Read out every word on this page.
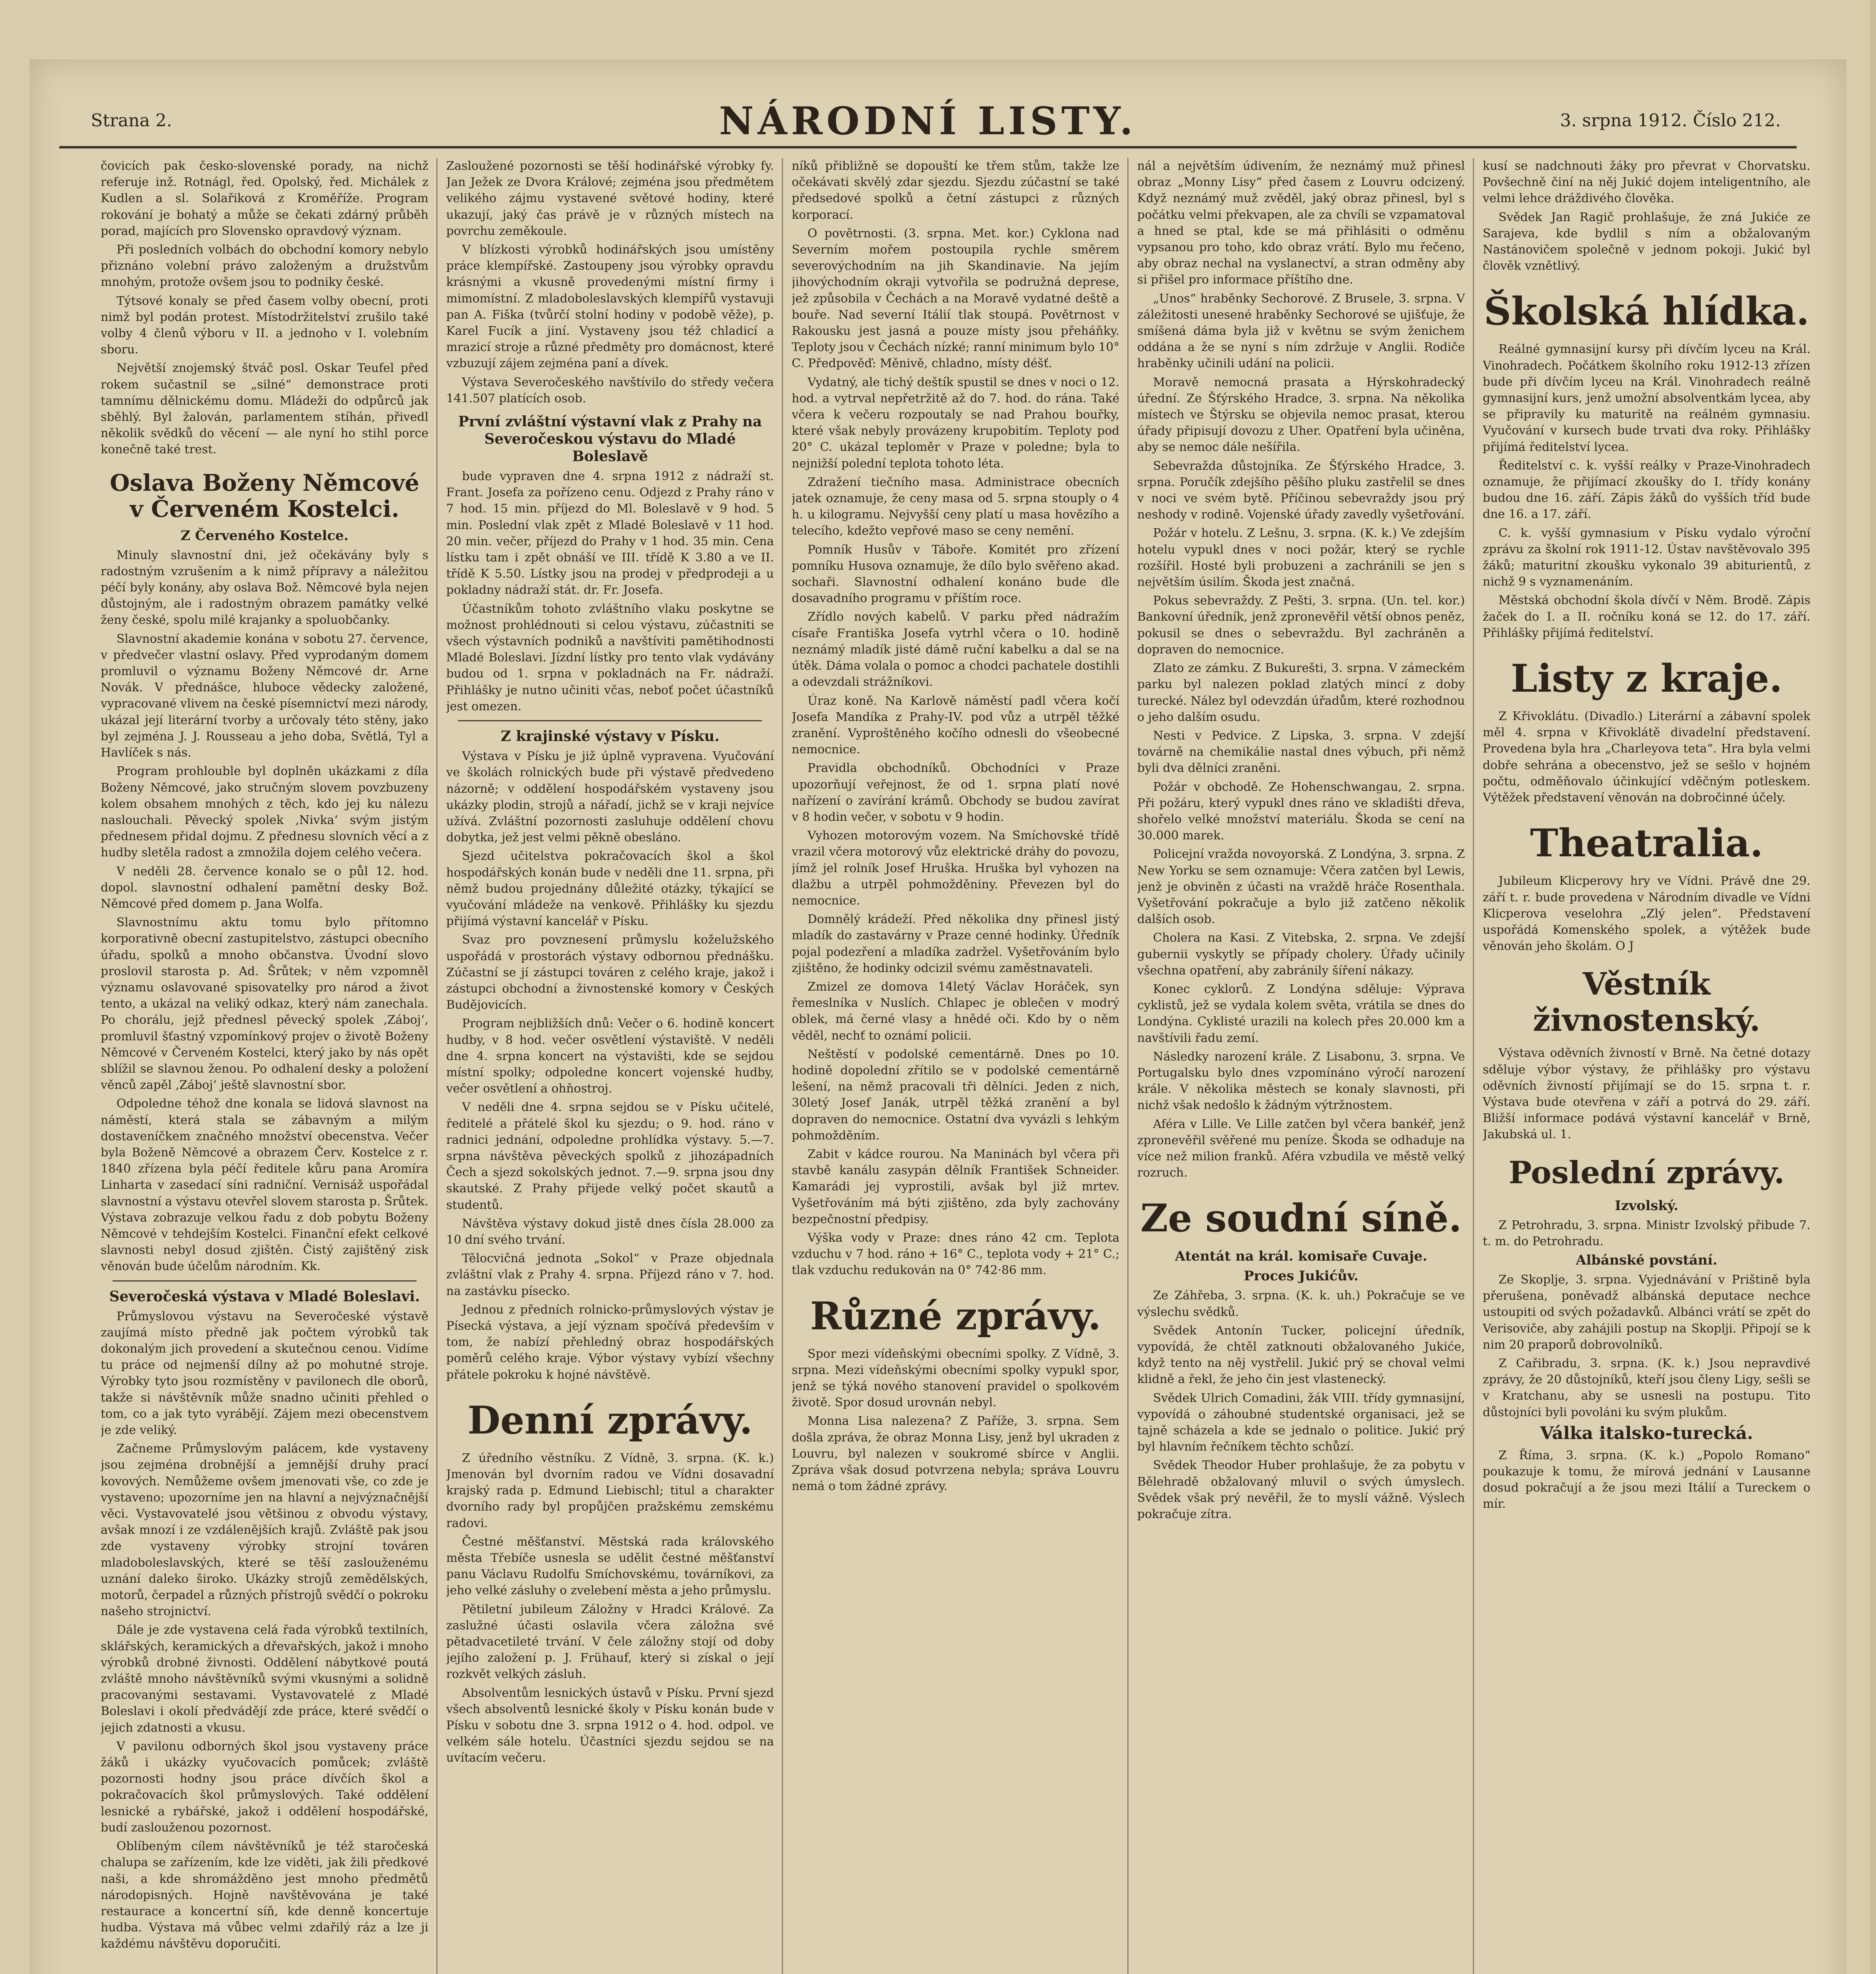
Strana 2.	NÁRODNÍ LISTY.	3. srpna 1912. Číslo 212.

čovicích pak česko-slovenské porady, na nichž referuje inž. Rotnágl, řed. Opolský, řed. Michálek z Kudlen a sl. Solařiková z Kroměříže. Program rokování je bohatý a může se čekati zdárný průběh porad, majících pro Slovensko opravdový význam.

Při posledních volbách do obchodní komory nebylo přiznáno volební právo založeným a družstvům mnohým, protože ovšem jsou to podniky české.

Týtsové konaly se před časem volby obecní, proti nimž byl podán protest. Místodržitelství zrušilo také volby 4 členů výboru v II. a jednoho v I. volebním sboru.

Největší znojemský štváč posl. Oskar Teufel před rokem sučastnil se „silné“ demonstrace proti tamnímu dělnickému domu. Mládeži do odpůrců jak sběhlý. Byl žalován, parlamentem stíhán, přivedl několik svědků do věcení — ale nyní ho stihl porce konečně také trest.

Oslava Boženy Němcové v Červeném Kostelci.
Z Červeného Kostelce.

Minuly slavnostní dni, jež očekávány byly s radostným vzrušením a k nimž přípravy a náležitou péčí byly konány, aby oslava Bož. Němcové byla nejen důstojným, ale i radostným obrazem památky velké ženy české, spolu milé krajanky a spoluobčanky.

Slavnostní akademie konána v sobotu 27. července, v předvečer vlastní oslavy. Před vyprodaným domem promluvil o významu Boženy Němcové dr. Arne Novák. V přednášce, hluboce vědecky založené, vypracované vlivem na české písemnictví mezi národy, ukázal její literární tvorby a určovaly této stěny, jako byl zejména J. J. Rousseau a jeho doba, Světlá, Tyl a Havlíček s nás.

Program prohlouble byl doplněn ukázkami z díla Boženy Němcové, jako stručným slovem povzbuzeny kolem obsahem mnohých z těch, kdo jej ku nálezu naslouchali. Pěvecký spolek ‚Nivka‘ svým jistým přednesem přidal dojmu. Z přednesu slovních věcí a z hudby sletěla radost a zmnožila dojem celého večera.

V neděli 28. července konalo se o půl 12. hod. dopol. slavnostní odhalení pamětní desky Bož. Němcové před domem p. Jana Wolfa.

Slavnostnímu aktu tomu bylo přítomno korporativně obecní zastupitelstvo, zástupci obecního úřadu, spolků a mnoho občanstva. Úvodní slovo proslovil starosta p. Ad. Šrůtek; v něm vzpomněl významu oslavované spisovatelky pro národ a život tento, a ukázal na veliký odkaz, který nám zanechala. Po chorálu, jejž přednesl pěvecký spolek ‚Záboj‘, promluvil šťastný vzpomínkový projev o životě Boženy Němcové v Červeném Kostelci, který jako by nás opět sblížil se slavnou ženou. Po odhalení desky a položení věnců zapěl ‚Záboj‘ ještě slavnostní sbor.

Odpoledne téhož dne konala se lidová slavnost na náměstí, která stala se zábavným a milým dostaveníčkem značného množství obecenstva. Večer byla Boženě Němcové a obrazem Červ. Kostelce z r. 1840 zřízena byla péčí ředitele kůru pana Aromíra Linharta v zasedací síni radniční. Vernisáž uspořádal slavnostní a výstavu otevřel slovem starosta p. Šrůtek. Výstava zobrazuje velkou řadu z dob pobytu Boženy Němcové v tehdejším Kostelci. Finanční efekt celkové slavnosti nebyl dosud zjištěn. Čistý zajištěný zisk věnován bude účelům národním. Kk.

Severočeská výstava v Mladé Boleslavi.

Průmyslovou výstavu na Severočeské výstavě zaujímá místo předně jak počtem výrobků tak dokonalým jich provedení a skutečnou cenou. Vidíme tu práce od nejmenší dílny až po mohutné stroje. Výrobky tyto jsou rozmístěny v pavilonech dle oborů, takže si návštěvník může snadno učiniti přehled o tom, co a jak tyto vyrábějí. Zájem mezi obecenstvem je zde veliký.

Začneme Průmyslovým palácem, kde vystaveny jsou zejména drobnější a jemnější druhy prací kovových. Nemůžeme ovšem jmenovati vše, co zde je vystaveno; upozorníme jen na hlavní a nejvýznačnější věci. Vystavovatelé jsou většinou z obvodu výstavy, avšak mnozí i ze vzdálenějších krajů. Zvláště pak jsou zde vystaveny výrobky strojní továren mladoboleslavských, které se těší zaslouženému uznání daleko široko. Ukázky strojů zemědělských, motorů, čerpadel a různých přístrojů svědčí o pokroku našeho strojnictví.

Dále je zde vystavena celá řada výrobků textilních, sklářských, keramických a dřevařských, jakož i mnoho výrobků drobné živnosti. Oddělení nábytkové poutá zvláště mnoho návštěvníků svými vkusnými a solidně pracovanými sestavami. Vystavovatelé z Mladé Boleslavi i okolí předvádějí zde práce, které svědčí o jejich zdatnosti a vkusu.

V pavilonu odborných škol jsou vystaveny práce žáků i ukázky vyučovacích pomůcek; zvláště pozornosti hodny jsou práce dívčích škol a pokračovacích škol průmyslových. Také oddělení lesnické a rybářské, jakož i oddělení hospodářské, budí zaslouženou pozornost.

Oblíbeným cílem návštěvníků je též staročeská chalupa se zařízením, kde lze viděti, jak žili předkové naši, a kde shromážděno jest mnoho předmětů národopisných. Hojně navštěvována je také restaurace a koncertní síň, kde denně koncertuje hudba. Výstava má vůbec velmi zdařilý ráz a lze ji každému návštěvu doporučiti.

Zasloužené pozornosti se těší hodinářské výrobky fy. Jan Ježek ze Dvora Králové; zejména jsou předmětem velikého zájmu vystavené světové hodiny, které ukazují, jaký čas právě je v různých místech na povrchu zeměkoule.

V blízkosti výrobků hodinářských jsou umístěny práce klempířské. Zastoupeny jsou výrobky opravdu krásnými a vkusně provedenými místní firmy i mimomístní. Z mladoboleslavských klempířů vystavuji pan A. Fiška (tvůrčí stolní hodiny v podobě věže), p. Karel Fucík a jiní. Vystaveny jsou též chladicí a mrazicí stroje a různé předměty pro domácnost, které vzbuzují zájem zejména paní a dívek.

Výstava Severočeského navštívilo do středy večera 141.507 platících osob.

První zvláštní výstavní vlak z Prahy na Severočeskou výstavu do Mladé Boleslavě

bude vypraven dne 4. srpna 1912 z nádraží st. Frant. Josefa za pořízeno cenu. Odjezd z Prahy ráno v 7 hod. 15 min. příjezd do Ml. Boleslavě v 9 hod. 5 min. Poslední vlak zpět z Mladé Boleslavě v 11 hod. 20 min. večer, příjezd do Prahy v 1 hod. 35 min. Cena lístku tam i zpět obnáší ve III. třídě K 3.80 a ve II. třídě K 5.50. Lístky jsou na prodej v předprodeji a u pokladny nádraží stát. dr. Fr. Josefa.

Účastníkům tohoto zvláštního vlaku poskytne se možnost prohlédnouti si celou výstavu, zúčastniti se všech výstavních podniků a navštíviti pamětihodnosti Mladé Boleslavi. Jízdní lístky pro tento vlak vydávány budou od 1. srpna v pokladnách na Fr. nádraží. Přihlášky je nutno učiniti včas, neboť počet účastníků jest omezen.

Z krajinské výstavy v Písku.

Výstava v Písku je již úplně vypravena. Vyučování ve školách rolnických bude při výstavě předvedeno názorně; v oddělení hospodářském vystaveny jsou ukázky plodin, strojů a nářadí, jichž se v kraji nejvíce užívá. Zvláštní pozornosti zasluhuje oddělení chovu dobytka, jež jest velmi pěkně obesláno.

Sjezd učitelstva pokračovacích škol a škol hospodářských konán bude v neděli dne 11. srpna, při němž budou projednány důležité otázky, týkající se vyučování mládeže na venkově. Přihlášky ku sjezdu přijímá výstavní kancelář v Písku.

Svaz pro povznesení průmyslu koželužského uspořádá v prostorách výstavy odbornou přednášku. Zúčastní se jí zástupci továren z celého kraje, jakož i zástupci obchodní a živnostenské komory v Českých Budějovicích.

Program nejbližších dnů: Večer o 6. hodině koncert hudby, v 8 hod. večer osvětlení výstaviště. V neděli dne 4. srpna koncert na výstavišti, kde se sejdou místní spolky; odpoledne koncert vojenské hudby, večer osvětlení a ohňostroj.

V neděli dne 4. srpna sejdou se v Písku učitelé, ředitelé a přátelé škol ku sjezdu; o 9. hod. ráno v radnici jednání, odpoledne prohlídka výstavy. 5.—7. srpna návštěva pěveckých spolků z jihozápadních Čech a sjezd sokolských jednot. 7.—9. srpna jsou dny skautské. Z Prahy přijede velký počet skautů a studentů.

Návštěva výstavy dokud jistě dnes čísla 28.000 za 10 dní svého trvání.

Tělocvičná jednota „Sokol“ v Praze objednala zvláštní vlak z Prahy 4. srpna. Příjezd ráno v 7. hod. na zastávku písecko.

Jednou z předních rolnicko-průmyslových výstav je Písecká výstava, a její význam spočívá především v tom, že nabízí přehledný obraz hospodářských poměrů celého kraje. Výbor výstavy vybízí všechny přátele pokroku k hojné návštěvě.

Denní zprávy.

Z úředního věstníku. Z Vídně, 3. srpna. (K. k.) Jmenován byl dvorním radou ve Vídni dosavadní krajský rada p. Edmund Liebischl; titul a charakter dvorního rady byl propůjčen pražskému zemskému radovi.

Čestné měšťanství. Městská rada královského města Třebíče usnesla se udělit čestné měšťanství panu Václavu Rudolfu Smíchovskému, továrníkovi, za jeho velké zásluhy o zvelebení města a jeho průmyslu.

Pětiletní jubileum Záložny v Hradci Králové. Za zaslužné účasti oslavila včera záložna své pětadvacetileté trvání. V čele záložny stojí od doby jejího založení p. J. Frühauf, který si získal o její rozkvět velkých zásluh.

Absolventům lesnických ústavů v Písku. První sjezd všech absolventů lesnické školy v Písku konán bude v Písku v sobotu dne 3. srpna 1912 o 4. hod. odpol. ve velkém sále hotelu. Účastníci sjezdu sejdou se na uvítacím večeru.

níků přibližně se dopouští ke třem stům, takže lze očekávati skvělý zdar sjezdu. Sjezdu zúčastní se také předsedové spolků a četní zástupci z různých korporací.

O povětrnosti. (3. srpna. Met. kor.) Cyklona nad Severním mořem postoupila rychle směrem severovýchodním na jih Skandinavie. Na jejím jihovýchodním okraji vytvořila se podružná deprese, jež způsobila v Čechách a na Moravě vydatné deště a bouře. Nad severní Itálií tlak stoupá. Povětrnost v Rakousku jest jasná a pouze místy jsou přeháňky. Teploty jsou v Čechách nízké; ranní minimum bylo 10° C. Předpověď: Měnivě, chladno, místy déšť.

Vydatný, ale tichý deštík spustil se dnes v noci o 12. hod. a vytrval nepřetržitě až do 7. hod. do rána. Také včera k večeru rozpoutaly se nad Prahou bouřky, které však nebyly provázeny krupobitím. Teploty pod 20° C. ukázal teploměr v Praze v poledne; byla to nejnižší polední teplota tohoto léta.

Zdražení tiečního masa. Administrace obecních jatek oznamuje, že ceny masa od 5. srpna stouply o 4 h. u kilogramu. Nejvyšší ceny platí u masa hovězího a telecího, kdežto vepřové maso se ceny nemění.

Pomník Husův v Táboře. Komitét pro zřízení pomníku Husova oznamuje, že dílo bylo svěřeno akad. sochaři. Slavnostní odhalení konáno bude dle dosavadního programu v příštím roce.

Zřídlo nových kabelů. V parku před nádražím císaře Františka Josefa vytrhl včera o 10. hodině neznámý mladík jisté dámě ruční kabelku a dal se na útěk. Dáma volala o pomoc a chodci pachatele dostihli a odevzdali strážníkovi.

Úraz koně. Na Karlově náměstí padl včera kočí Josefa Mandíka z Prahy-IV. pod vůz a utrpěl těžké zranění. Vyproštěného kočího odnesli do všeobecné nemocnice.

Pravidla obchodníků. Obchodníci v Praze upozorňují veřejnost, že od 1. srpna platí nové nařízení o zavírání krámů. Obchody se budou zavírat v 8 hodin večer, v sobotu v 9 hodin.

Vyhozen motorovým vozem. Na Smíchovské třídě vrazil včera motorový vůz elektrické dráhy do povozu, jímž jel rolník Josef Hruška. Hruška byl vyhozen na dlažbu a utrpěl pohmožděniny. Převezen byl do nemocnice.

Domnělý krádeží. Před několika dny přinesl jistý mladík do zastavárny v Praze cenné hodinky. Úředník pojal podezření a mladíka zadržel. Vyšetřováním bylo zjištěno, že hodinky odcizil svému zaměstnavateli.

Zmizel ze domova 14letý Václav Horáček, syn řemeslníka v Nuslích. Chlapec je oblečen v modrý oblek, má černé vlasy a hnědé oči. Kdo by o něm věděl, nechť to oznámí policii.

Neštěstí v podolské cementárně. Dnes po 10. hodině dopolední zřítilo se v podolské cementárně lešení, na němž pracovali tři dělníci. Jeden z nich, 30letý Josef Janák, utrpěl těžká zranění a byl dopraven do nemocnice. Ostatní dva vyvázli s lehkým pohmožděním.

Zabit v kádce rourou. Na Maninách byl včera při stavbě kanálu zasypán dělník František Schneider. Kamarádi jej vyprostili, avšak byl již mrtev. Vyšetřováním má býti zjištěno, zda byly zachovány bezpečnostní předpisy.

Výška vody v Praze: dnes ráno 42 cm. Teplota vzduchu v 7 hod. ráno + 16° C., teplota vody + 21° C.; tlak vzduchu redukován na 0° 742·86 mm.

Různé zprávy.

Spor mezi vídeňskými obecními spolky. Z Vídně, 3. srpna. Mezi vídeňskými obecními spolky vypukl spor, jenž se týká nového stanovení pravidel o spolkovém životě. Spor dosud urovnán nebyl.

Monna Lisa nalezena? Z Paříže, 3. srpna. Sem došla zpráva, že obraz Monna Lisy, jenž byl ukraden z Louvru, byl nalezen v soukromé sbírce v Anglii. Zpráva však dosud potvrzena nebyla; správa Louvru nemá o tom žádné zprávy.

nál a největším údivením, že neznámý muž přinesl obraz „Monny Lisy“ před časem z Louvru odcizený. Když neznámý muž zvěděl, jaký obraz přinesl, byl s počátku velmi překvapen, ale za chvíli se vzpamatoval a hned se ptal, kde se má přihlásiti o odměnu vypsanou pro toho, kdo obraz vrátí. Bylo mu řečeno, aby obraz nechal na vyslanectví, a stran odměny aby si přišel pro informace příštího dne.

„Unos“ hraběnky Sechorové. Z Brusele, 3. srpna. V záležitosti unesené hraběnky Sechorové se ujišťuje, že smíšená dáma byla již v květnu se svým ženichem oddána a že se nyní s ním zdržuje v Anglii. Rodiče hraběnky učinili udání na policii.

Moravě nemocná prasata a Hýrskohradecký úřední. Ze Šťýrského Hradce, 3. srpna. Na několika místech ve Štýrsku se objevila nemoc prasat, kterou úřady připisují dovozu z Uher. Opatření byla učiněna, aby se nemoc dále nešířila.

Sebevražda důstojníka. Ze Šťýrského Hradce, 3. srpna. Poručík zdejšího pěšího pluku zastřelil se dnes v noci ve svém bytě. Příčinou sebevraždy jsou prý neshody v rodině. Vojenské úřady zavedly vyšetřování.

Požár v hotelu. Z Lešnu, 3. srpna. (K. k.) Ve zdejším hotelu vypukl dnes v noci požár, který se rychle rozšířil. Hosté byli probuzeni a zachránili se jen s největším úsilím. Škoda jest značná.

Pokus sebevraždy. Z Pešti, 3. srpna. (Un. tel. kor.) Bankovní úředník, jenž zpronevěřil větší obnos peněz, pokusil se dnes o sebevraždu. Byl zachráněn a dopraven do nemocnice.

Zlato ze zámku. Z Bukurešti, 3. srpna. V zámeckém parku byl nalezen poklad zlatých mincí z doby turecké. Nález byl odevzdán úřadům, které rozhodnou o jeho dalším osudu.

Nesti v Pedvice. Z Lipska, 3. srpna. V zdejší továrně na chemikálie nastal dnes výbuch, při němž byli dva dělníci zraněni.

Požár v obchodě. Ze Hohenschwangau, 2. srpna. Při požáru, který vypukl dnes ráno ve skladišti dřeva, shořelo velké množství materiálu. Škoda se cení na 30.000 marek.

Policejní vražda novoyorská. Z Londýna, 3. srpna. Z New Yorku se sem oznamuje: Včera zatčen byl Lewis, jenž je obviněn z účasti na vraždě hráče Rosenthala. Vyšetřování pokračuje a bylo již zatčeno několik dalších osob.

Cholera na Kasi. Z Vitebska, 2. srpna. Ve zdejší gubernii vyskytly se případy cholery. Úřady učinily všechna opatření, aby zabránily šíření nákazy.

Konec cyklorů. Z Londýna sděluje: Výprava cyklistů, jež se vydala kolem světa, vrátila se dnes do Londýna. Cyklisté urazili na kolech přes 20.000 km a navštívili řadu zemí.

Následky narození krále. Z Lisabonu, 3. srpna. Ve Portugalsku bylo dnes vzpomínáno výročí narození krále. V několika městech se konaly slavnosti, při nichž však nedošlo k žádným výtržnostem.

Aféra v Lille. Ve Lille zatčen byl včera bankéř, jenž zpronevěřil svěřené mu peníze. Škoda se odhaduje na více než milion franků. Aféra vzbudila ve městě velký rozruch.

Ze soudní síně.
Atentát na král. komisaře Cuvaje.
Proces Jukićův.

Ze Záhřeba, 3. srpna. (K. k. uh.) Pokračuje se ve výslechu svědků.

Svědek Antonín Tucker, policejní úředník, vypovídá, že chtěl zatknouti obžalovaného Jukiće, když tento na něj vystřelil. Jukić prý se choval velmi klidně a řekl, že jeho čin jest vlastenecký.

Svědek Ulrich Comadini, žák VIII. třídy gymnasijní, vypovídá o záhoubné studentské organisaci, jež se tajně scházela a kde se jednalo o politice. Jukić prý byl hlavním řečníkem těchto schůzí.

Svědek Theodor Huber prohlašuje, že za pobytu v Bělehradě obžalovaný mluvil o svých úmyslech. Svědek však prý nevěřil, že to myslí vážně. Výslech pokračuje zítra.

kusí se nadchnouti žáky pro převrat v Chorvatsku. Povšechně činí na něj Jukić dojem inteligentního, ale velmi lehce dráždivého člověka.

Svědek Jan Ragič prohlašuje, že zná Jukiće ze Sarajeva, kde bydlil s ním a obžalovaným Nastánovičem společně v jednom pokoji. Jukić byl člověk vznětlivý.

Školská hlídka.

Reálné gymnasijní kursy při dívčím lyceu na Král. Vinohradech. Počátkem školního roku 1912-13 zřízen bude při dívčím lyceu na Král. Vinohradech reálně gymnasijní kurs, jenž umožní absolventkám lycea, aby se připravily ku maturitě na reálném gymnasiu. Vyučování v kursech bude trvati dva roky. Přihlášky přijímá ředitelství lycea.

Ředitelství c. k. vyšší reálky v Praze-Vinohradech oznamuje, že přijímací zkoušky do I. třídy konány budou dne 16. září. Zápis žáků do vyšších tříd bude dne 16. a 17. září.

C. k. vyšší gymnasium v Písku vydalo výroční zprávu za školní rok 1911-12. Ústav navštěvovalo 395 žáků; maturitní zkoušku vykonalo 39 abiturientů, z nichž 9 s vyznamenáním.

Městská obchodní škola dívčí v Něm. Brodě. Zápis žaček do I. a II. ročníku koná se 12. do 17. září. Přihlášky přijímá ředitelství.

Listy z kraje.

Z Křivoklátu. (Divadlo.) Literární a zábavní spolek měl 4. srpna v Křivoklátě divadelní představení. Provedena byla hra „Charleyova teta“. Hra byla velmi dobře sehrána a obecenstvo, jež se sešlo v hojném počtu, odměňovalo účinkující vděčným potleskem. Výtěžek představení věnován na dobročinné účely.

Theatralia.

Jubileum Klicperovy hry ve Vídni. Právě dne 29. září t. r. bude provedena v Národním divadle ve Vídni Klicperova veselohra „Zlý jelen“. Představení uspořádá Komenského spolek, a výtěžek bude věnován jeho školám. O J

Věstník živnostenský.

Výstava oděvních živností v Brně. Na četné dotazy sděluje výbor výstavy, že přihlášky pro výstavu oděvních živností přijímají se do 15. srpna t. r. Výstava bude otevřena v září a potrvá do 29. září. Bližší informace podává výstavní kancelář v Brně, Jakubská ul. 1.

Poslední zprávy.
Izvolský.

Z Petrohradu, 3. srpna. Ministr Izvolský přibude 7. t. m. do Petrohradu.

Albánské povstání.

Ze Skoplje, 3. srpna. Vyjednávání v Prištině byla přerušena, poněvadž albánská deputace nechce ustoupiti od svých požadavků. Albánci vrátí se zpět do Verisoviče, aby zahájili postup na Skoplji. Připojí se k nim 20 praporů dobrovolníků.

Z Cařibradu, 3. srpna. (K. k.) Jsou nepravdivé zprávy, že 20 důstojníků, kteří jsou členy Ligy, sešli se v Kratchanu, aby se usnesli na postupu. Tito důstojníci byli povoláni ku svým plukům.

Válka italsko-turecká.

Z Říma, 3. srpna. (K. k.) „Popolo Romano“ poukazuje k tomu, že mírová jednání v Lausanne dosud pokračují a že jsou mezi Itálií a Tureckem o mír.
